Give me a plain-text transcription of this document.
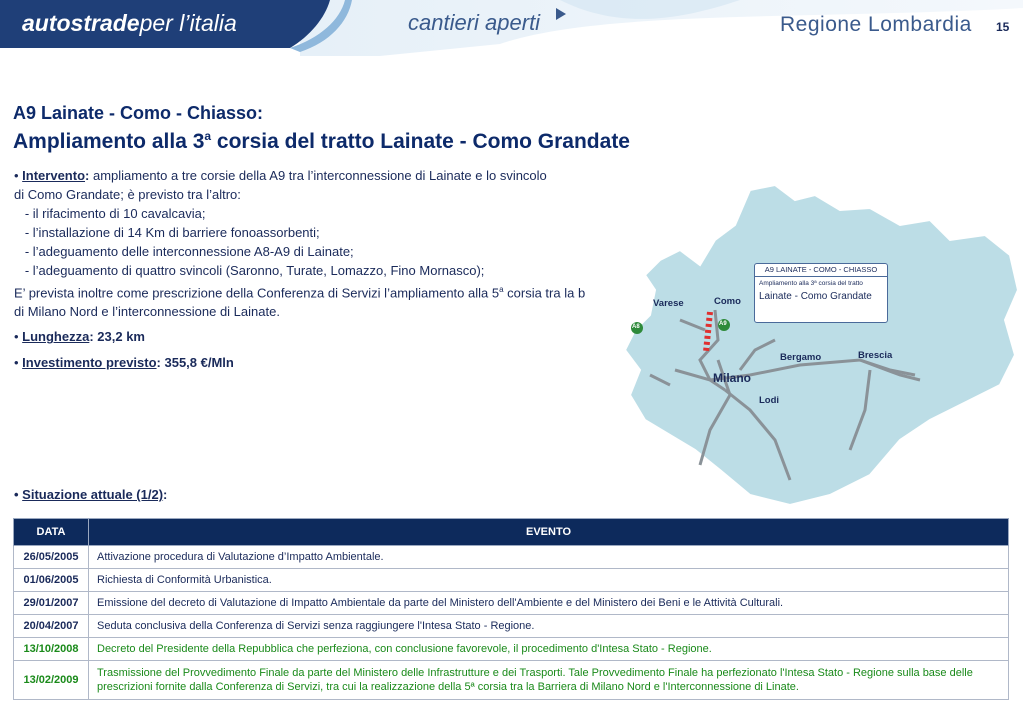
autostradeper l’italia	cantieri aperti	Regione Lombardia 15
A9 Lainate - Como - Chiasso:
Ampliamento alla 3$^a$ corsia del tratto Lainate - Como Grandate
A8	A9
Varese	Como
Bergamo	Brescia
Milano
Lodi
A9 LAINATE - COMO - CHIASSO
Ampliamento alla 3ª corsia del tratto
Lainate - Como Grandate
• Intervento: ampliamento a tre corsie della A9 tra l’interconnessione di Lainate e lo svincolo
di Como Grandate; è previsto tra l’altro:
- il rifacimento di 10 cavalcavia;
- l’installazione di 14 Km di barriere fonoassorbenti;
- l’adeguamento delle interconnessione A8-A9 di Lainate;
- l’adeguamento di quattro svincoli (Saronno, Turate, Lomazzo, Fino Mornasco);
E’ prevista inoltre come prescrizione della Conferenza di Servizi l’ampliamento alla 5$^a$ corsia tra la b
di Milano Nord e l’interconnessione di Lainate.
• Lunghezza: 23,2 km
• Investimento previsto: 355,8 €/Mln
• Situazione attuale (1/2):
DATA	EVENTO
26/05/2005	Attivazione procedura di Valutazione d’Impatto Ambientale.
01/06/2005	Richiesta di Conformità Urbanistica.
29/01/2007	Emissione del decreto di Valutazione di Impatto Ambientale da parte del Ministero dell'Ambiente e del Ministero dei Beni e le Attività Culturali.
20/04/2007	Seduta conclusiva della Conferenza di Servizi senza raggiungere l'Intesa Stato - Regione.
13/10/2008	Decreto del Presidente della Repubblica che perfeziona, con conclusione favorevole, il procedimento d'Intesa Stato - Regione.
13/02/2009	Trasmissione del Provvedimento Finale da parte del Ministero delle Infrastrutture e dei Trasporti. Tale Provvedimento Finale ha perfezionato l'Intesa Stato - Regione sulla base delle prescrizioni fornite dalla Conferenza di Servizi, tra cui la realizzazione della 5ª corsia tra la Barriera di Milano Nord e l'Interconnessione di Linate.
